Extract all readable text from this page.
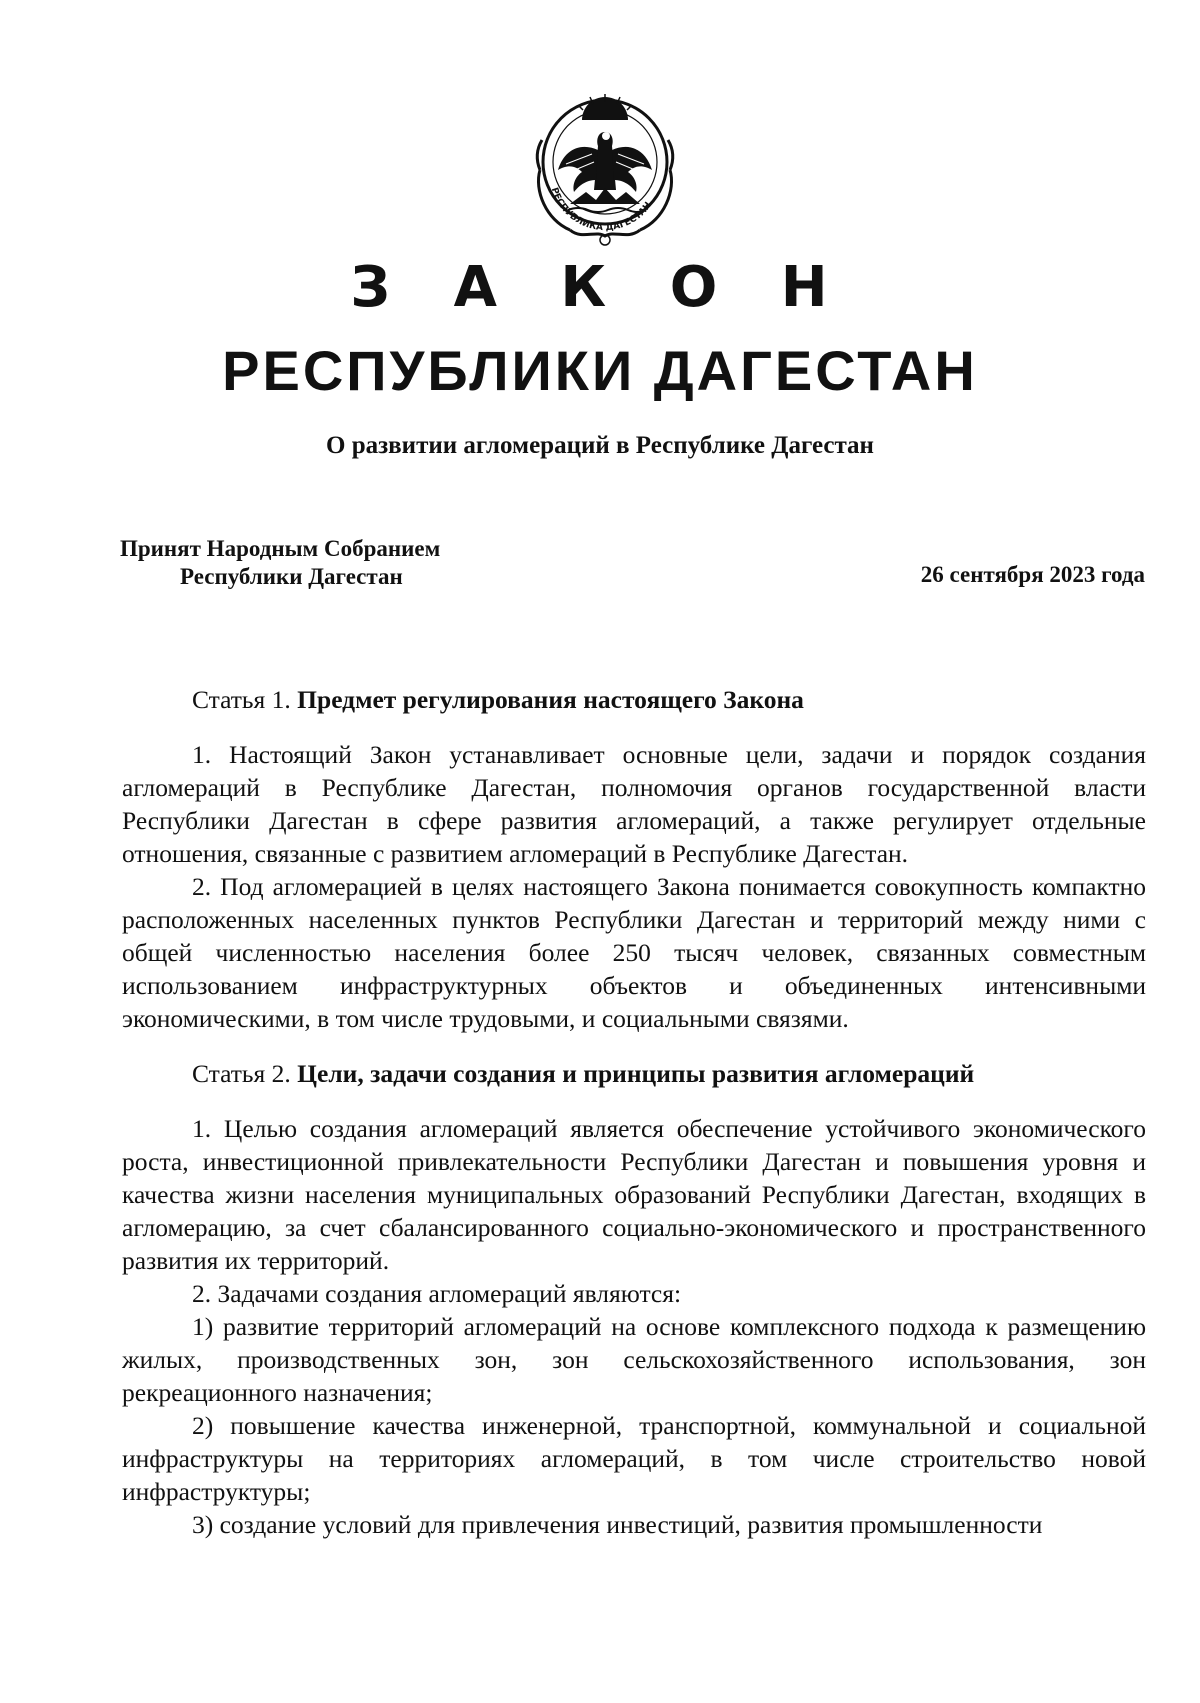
РЕСПУБЛИКА ДАГЕСТАН
З А К О Н
РЕСПУБЛИКИ ДАГЕСТАН
О развитии агломераций в Республике Дагестан
Принят Народным Собранием
Республики Дагестан	26 сентября 2023 года

Статья 1. Предмет регулирования настоящего Закона

1. Настоящий Закон устанавливает основные цели, задачи и порядок создания агломераций в Республике Дагестан, полномочия органов государственной власти Республики Дагестан в сфере развития агломераций, а также регулирует отдельные отношения, связанные с развитием агломераций в Республике Дагестан.

2. Под агломерацией в целях настоящего Закона понимается совокупность компактно расположенных населенных пунктов Республики Дагестан и территорий между ними с общей численностью населения более 250 тысяч человек, связанных совместным использованием инфраструктурных объектов и объединенных интенсивными экономическими, в том числе трудовыми, и социальными связями.

Статья 2. Цели, задачи создания и принципы развития агломераций

1. Целью создания агломераций является обеспечение устойчивого экономического роста, инвестиционной привлекательности Республики Дагестан и повышения уровня и качества жизни населения муниципальных образований Республики Дагестан, входящих в агломерацию, за счет сбалансированного социально-экономического и пространственного развития их территорий.

2. Задачами создания агломераций являются:

1) развитие территорий агломераций на основе комплексного подхода к размещению жилых, производственных зон, зон сельскохозяйственного использования, зон рекреационного назначения;

2) повышение качества инженерной, транспортной, коммунальной и социальной инфраструктуры на территориях агломераций, в том числе строительство новой инфраструктуры;

3) создание условий для привлечения инвестиций, развития промышленности
